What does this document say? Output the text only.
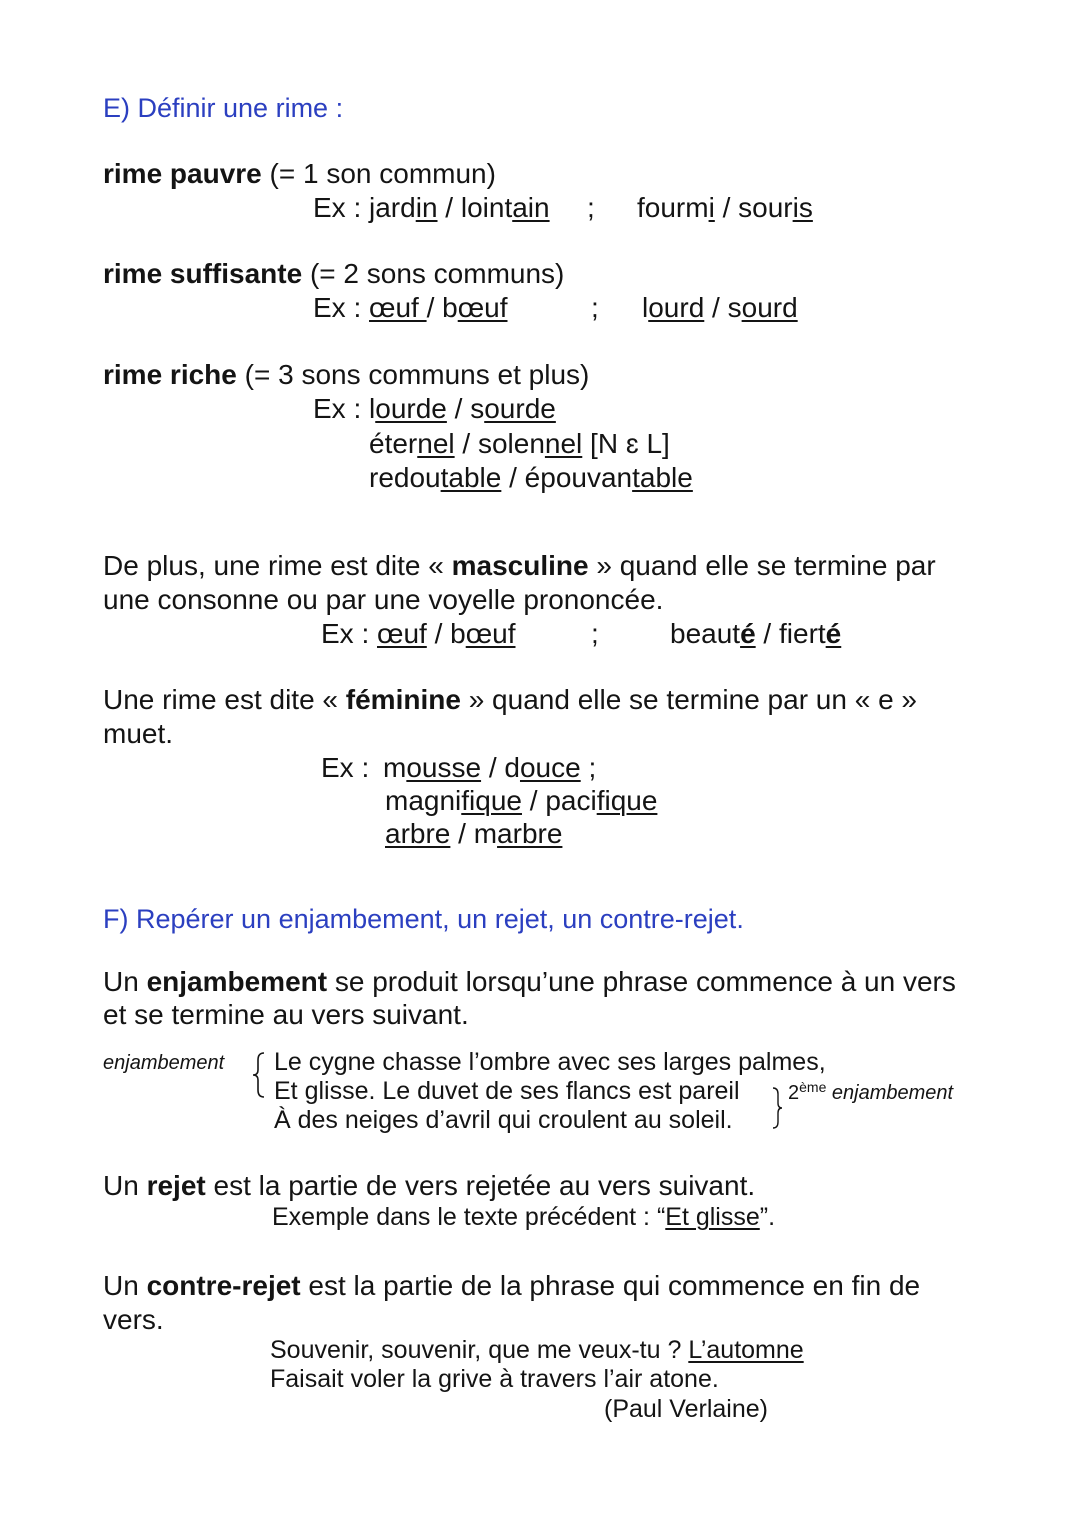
E) Définir une rime :
rime pauvre (= 1 son commun)
Ex : jardin / lointain ; fourmi / souris
rime suffisante (= 2 sons communs)
Ex : œuf / bœuf	; lourd / sourd
rime riche (= 3 sons communs et plus)
Ex : lourde / sourde
éternel / solennel [N ɛ L]
redoutable / épouvantable
De plus, une rime est dite « masculine » quand elle se termine par
une consonne ou par une voyelle prononcée.
Ex : œuf / bœuf	;	beauté / fierté
Une rime est dite « féminine » quand elle se termine par un « e »
muet.
Ex : mousse / douce ;
magnifique / pacifique
arbre / marbre
F) Repérer un enjambement, un rejet, un contre-rejet.
Un enjambement se produit lorsqu’une phrase commence à un vers
et se termine au vers suivant.
enjambement Le cygne chasse l’ombre avec ses larges palmes,
Et glisse. Le duvet de ses flancs est pareil
À des neiges d’avril qui croulent au soleil.
2ème enjambement
Un rejet est la partie de vers rejetée au vers suivant.
Exemple dans le texte précédent : “Et glisse”.
Un contre-rejet est la partie de la phrase qui commence en fin de
vers.
Souvenir, souvenir, que me veux-tu ? L’automne
Faisait voler la grive à travers l’air atone.
(Paul Verlaine)
